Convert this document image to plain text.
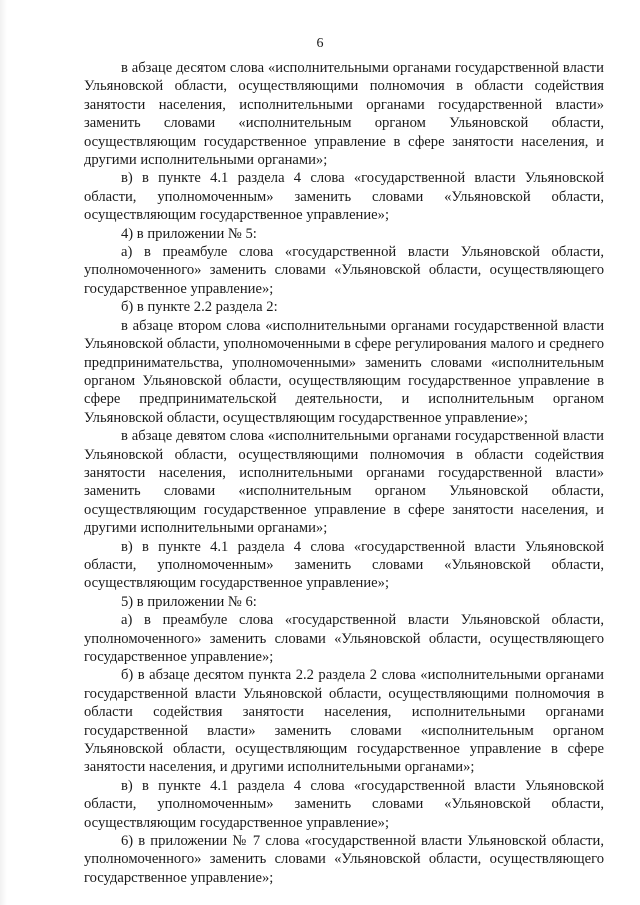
6

в абзаце десятом слова «исполнительными органами государственной власти Ульяновской области, осуществляющими полномочия в области содействия занятости населения, исполнительными органами государственной власти» заменить словами «исполнительным органом Ульяновской области, осуществляющим государственное управление в сфере занятости населения, и другими исполнительными органами»;

в) в пункте 4.1 раздела 4 слова «государственной власти Ульяновской области, уполномоченным» заменить словами «Ульяновской области, осуществляющим государственное управление»;

4) в приложении № 5:

а) в преамбуле слова «государственной власти Ульяновской области, уполномоченного» заменить словами «Ульяновской области, осуществляющего государственное управление»;

б) в пункте 2.2 раздела 2:

в абзаце втором слова «исполнительными органами государственной власти Ульяновской области, уполномоченными в сфере регулирования малого и среднего предпринимательства, уполномоченными» заменить словами «исполнительным органом Ульяновской области, осуществляющим государственное управление в сфере предпринимательской деятельности, и исполнительным органом Ульяновской области, осуществляющим государственное управление»;

в абзаце девятом слова «исполнительными органами государственной власти Ульяновской области, осуществляющими полномочия в области содействия занятости населения, исполнительными органами государственной власти» заменить словами «исполнительным органом Ульяновской области, осуществляющим государственное управление в сфере занятости населения, и другими исполнительными органами»;

в) в пункте 4.1 раздела 4 слова «государственной власти Ульяновской области, уполномоченным» заменить словами «Ульяновской области, осуществляющим государственное управление»;

5) в приложении № 6:

а) в преамбуле слова «государственной власти Ульяновской области, уполномоченного» заменить словами «Ульяновской области, осуществляющего государственное управление»;

б) в абзаце десятом пункта 2.2 раздела 2 слова «исполнительными органами государственной власти Ульяновской области, осуществляющими полномочия в области содействия занятости населения, исполнительными органами государственной власти» заменить словами «исполнительным органом Ульяновской области, осуществляющим государственное управление в сфере занятости населения, и другими исполнительными органами»;

в) в пункте 4.1 раздела 4 слова «государственной власти Ульяновской области, уполномоченным» заменить словами «Ульяновской области, осуществляющим государственное управление»;

6) в приложении № 7 слова «государственной власти Ульяновской области, уполномоченного» заменить словами «Ульяновской области, осуществляющего государственное управление»;
